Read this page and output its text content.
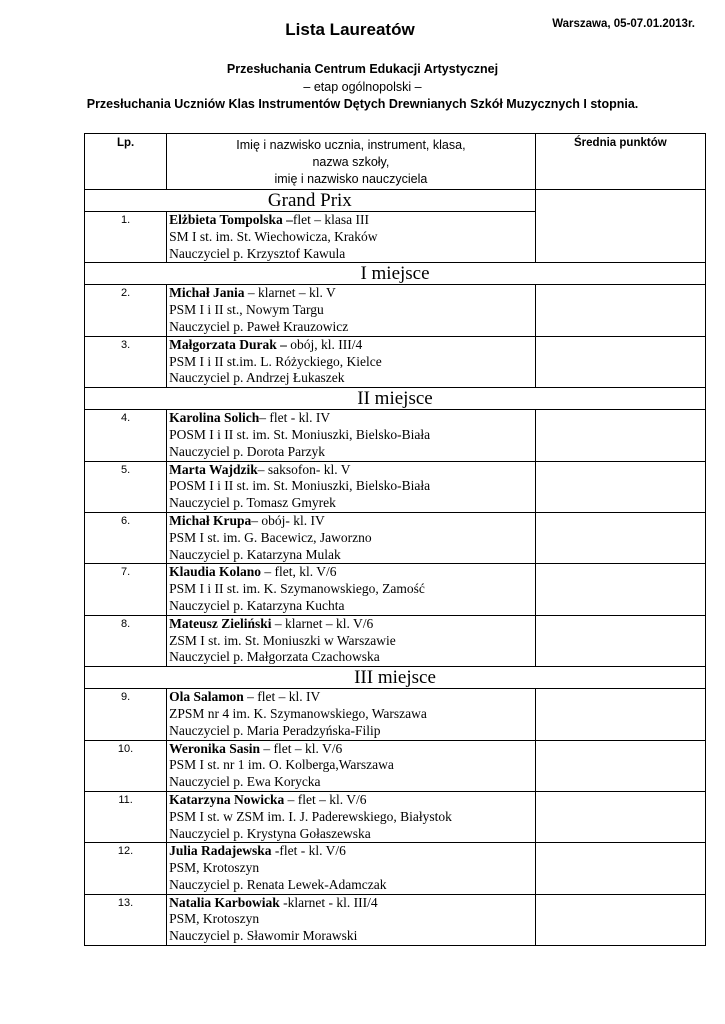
Lista Laureatów	Warszawa, 05-07.01.2013r.
Przesłuchania Centrum Edukacji Artystycznej
– etap ogólnopolski –
Przesłuchania Uczniów Klas Instrumentów Dętych Drewnianych Szkół Muzycznych I stopnia.
Lp.	Imię i nazwisko ucznia, instrument, klasa,
nazwa szkoły,
imię i nazwisko nauczyciela	Średnia punktów
Grand Prix		
1.	Elżbieta Tompolska –flet – klasa III
SM I st. im. St. Wiechowicza, Kraków
Nauczyciel p. Krzysztof Kawula	

I miejsce		
2.	Michał Jania – klarnet – kl. V
PSM I i II st., Nowym Targu
Nauczyciel p. Paweł Krauzowicz	

3.	Małgorzata Durak – obój, kl. III/4
PSM I i II st.im. L. Różyckiego, Kielce
Nauczyciel p. Andrzej Łukaszek	

II miejsce		
4.	Karolina Solich– flet - kl. IV
POSM I i II st. im. St. Moniuszki, Bielsko-Biała
Nauczyciel p. Dorota Parzyk	

5.	Marta Wajdzik– saksofon- kl. V
POSM I i II st. im. St. Moniuszki, Bielsko-Biała
Nauczyciel p. Tomasz Gmyrek	

6.	Michał Krupa– obój- kl. IV
PSM I st. im. G. Bacewicz, Jaworzno
Nauczyciel p. Katarzyna Mulak	

7.	Klaudia Kolano – flet, kl. V/6
PSM I i II st. im. K. Szymanowskiego, Zamość
Nauczyciel p. Katarzyna Kuchta	

8.	Mateusz Zieliński – klarnet – kl. V/6
ZSM I st. im. St. Moniuszki w Warszawie
Nauczyciel p. Małgorzata Czachowska	

III miejsce		
9.	Ola Salamon – flet – kl. IV
ZPSM nr 4 im. K. Szymanowskiego, Warszawa
Nauczyciel p. Maria Peradzyńska-Filip	

10.	Weronika Sasin – flet – kl. V/6
PSM I st. nr 1 im. O. Kolberga,Warszawa
Nauczyciel p. Ewa Korycka	

11.	Katarzyna Nowicka – flet – kl. V/6
PSM I st. w ZSM im. I. J. Paderewskiego, Białystok
Nauczyciel p. Krystyna Gołaszewska	

12.	Julia Radajewska -flet - kl. V/6
PSM, Krotoszyn
Nauczyciel p. Renata Lewek-Adamczak	

13.	Natalia Karbowiak -klarnet - kl. III/4
PSM, Krotoszyn
Nauczyciel p. Sławomir Morawski	
